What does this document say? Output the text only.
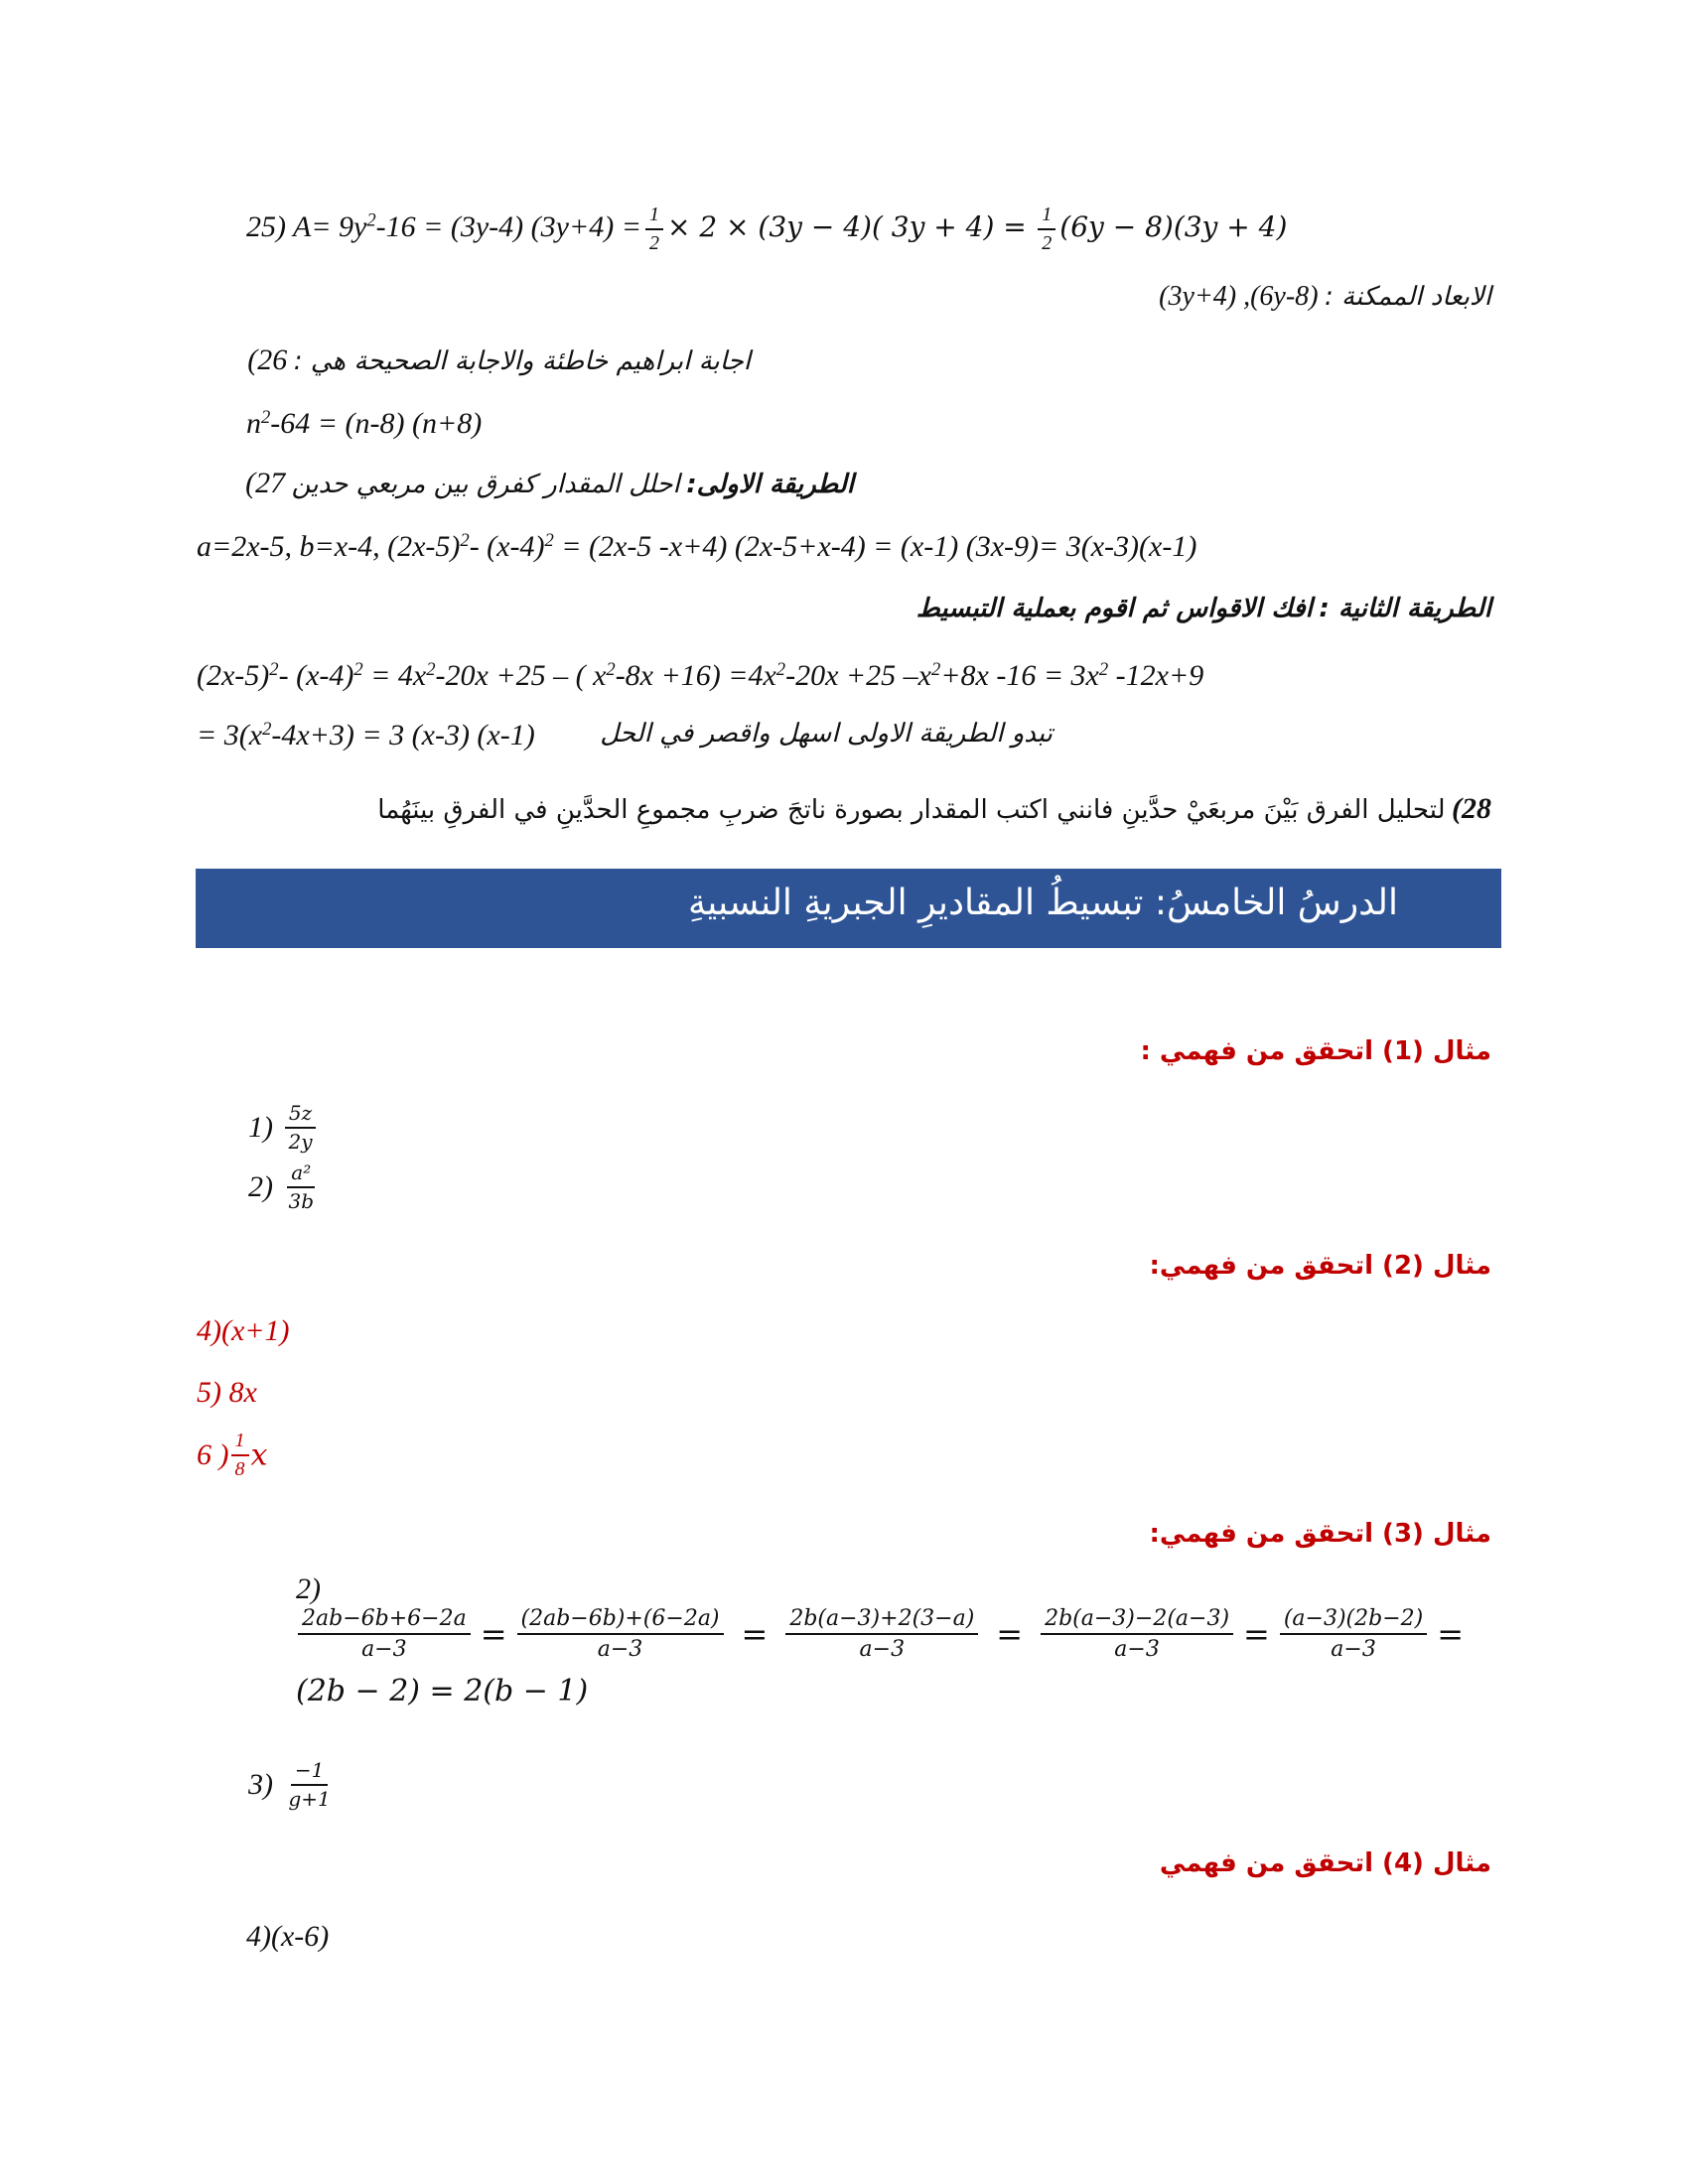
25) $A= 9y^2-16 = (3y-4) (3y+4) = \frac{1}{2} \times 2 \times (3y - 4)$( $3y + 4) = \frac{1}{2} (6y - 8)(3y + 4)$
الابعاد الممكنة : (6y-8), (3y+4)
اجابة ابراهيم خاطئة والاجابة الصحيحة هي : 26)
$n^2-64 = (n-8)$ (n+8)
الطريقة الاولى: احلل المقدار كفرق بين مربعي حدين 27)
a=2x-5, b=x-4, $(2x-5)^2-$ $(x-4)^2 = (2x-5$ -x+4) (2x-5+x-4) = (x-1) (3x-9)= 3(x-3)(x-1)
الطريقة الثانية : افك الاقواس ثم اقوم بعملية التبسيط
$(2x-5)^2-$ $(x-4)^2 = 4x^2-20x +25$ – ( $x^2-8x +16) =4x^2-20x +25$ $-x^2+8x$ $-16 = 3x^2$ -12x+9
= $3(x^2-4x+3) = 3$ (x-3) (x-1)	تبدو الطريقة الاولى اسهل واقصر في الحل
28) لتحليل الفرق بَيْنَ مربعَيْ حدَّينِ فانني اكتب المقدار بصورة ناتجَ ضربِ مجموعِ الحدَّينِ في الفرقِ بينَهُما
الدرسُ الخامسُ: تبسيطُ المقاديرِ الجبريةِ النسبيةِ
مثال (1) اتحقق من فهمي :
$1) \frac{5z}{2y}$
$2) \frac{\text{a²}}{3b}$
مثال (2) اتحقق من فهمي:
4)(x+1)
5) 8x
6 ) $\frac{1}{8}$ x
مثال (3) اتحقق من فهمي:
2)
$\frac{2ab-6b+6-2a}{a-3} = \frac{(2ab-6b)+(6-2a)}{a-3} = \frac{2b(a-3)+2(3-a)}{a-3} = \frac{2b(a-3)-2(a-3)}{a-3} = \frac{(a-3)(2b-2)}{a-3}$ =
(2b − 2) = 2(b − 1)
$3) \frac{-1}{g+1}$
مثال (4) اتحقق من فهمي
4)(x-6)
